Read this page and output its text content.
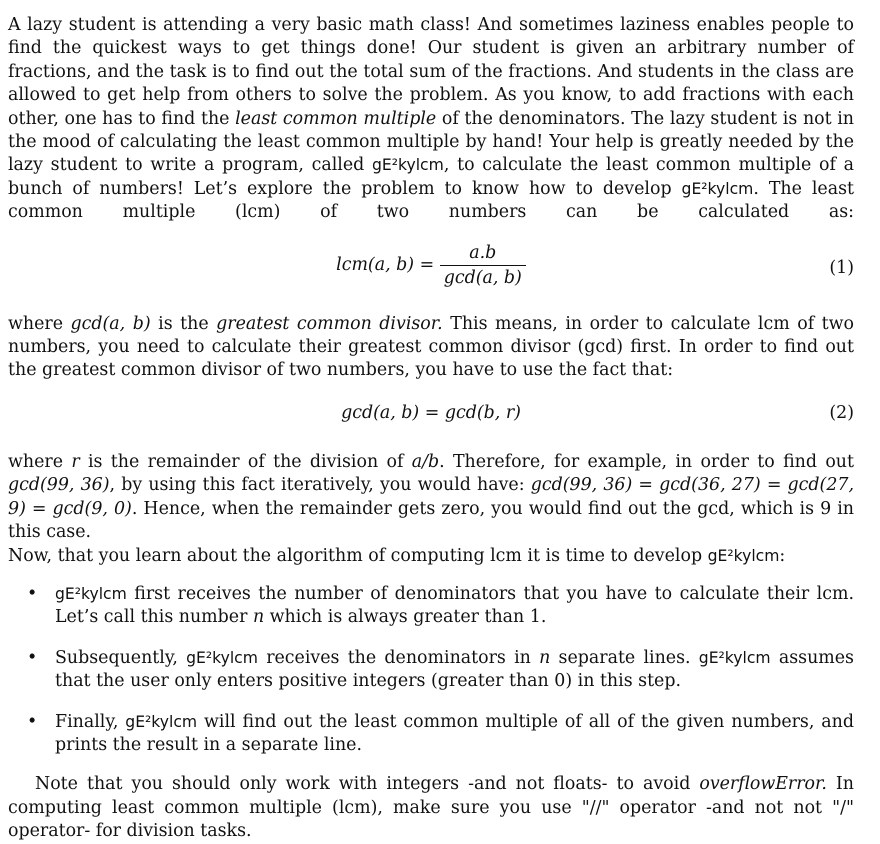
A lazy student is attending a very basic math class! And sometimes laziness enables people to find the quickest ways to get things done! Our student is given an arbitrary number of fractions, and the task is to find out the total sum of the fractions. And students in the class are allowed to get help from others to solve the problem. As you know, to add fractions with each other, one has to find the least common multiple of the denominators. The lazy student is not in the mood of calculating the least common multiple by hand! Your help is greatly needed by the lazy student to write a program, called gE²kylcm, to calculate the least common multiple of a bunch of numbers! Let’s explore the problem to know how to develop gE²kylcm. The least common multiple (lcm) of two numbers can be calculated as:

lcm(a, $b) = \frac{a.b}{\gcd(a, b)}$	(1)

where gcd(a, b) is the greatest common divisor. This means, in order to calculate lcm of two numbers, you need to calculate their greatest common divisor (gcd) first. In order to find out the greatest common divisor of two numbers, you have to use the fact that:

gcd(a, b) = gcd(b, r)	(2)

where r is the remainder of the division of a/b. Therefore, for example, in order to find out gcd(99, 36), by using this fact iteratively, you would have: gcd(99, 36) = gcd(36, 27) = gcd(27, 9) = gcd(9, 0). Hence, when the remainder gets zero, you would find out the gcd, which is 9 in this case.

Now, that you learn about the algorithm of computing lcm it is time to develop gE²kylcm:

• gE²kylcm first receives the number of denominators that you have to calculate their lcm. Let’s call this number n which is always greater than 1.

• Subsequently, gE²kylcm receives the denominators in n separate lines. gE²kylcm assumes that the user only enters positive integers (greater than 0) in this step.

• Finally, gE²kylcm will find out the least common multiple of all of the given numbers, and prints the result in a separate line.

Note that you should only work with integers -and not floats- to avoid overflowError. In computing least common multiple (lcm), make sure you use "//" operator -and not not "/" operator- for division tasks.
